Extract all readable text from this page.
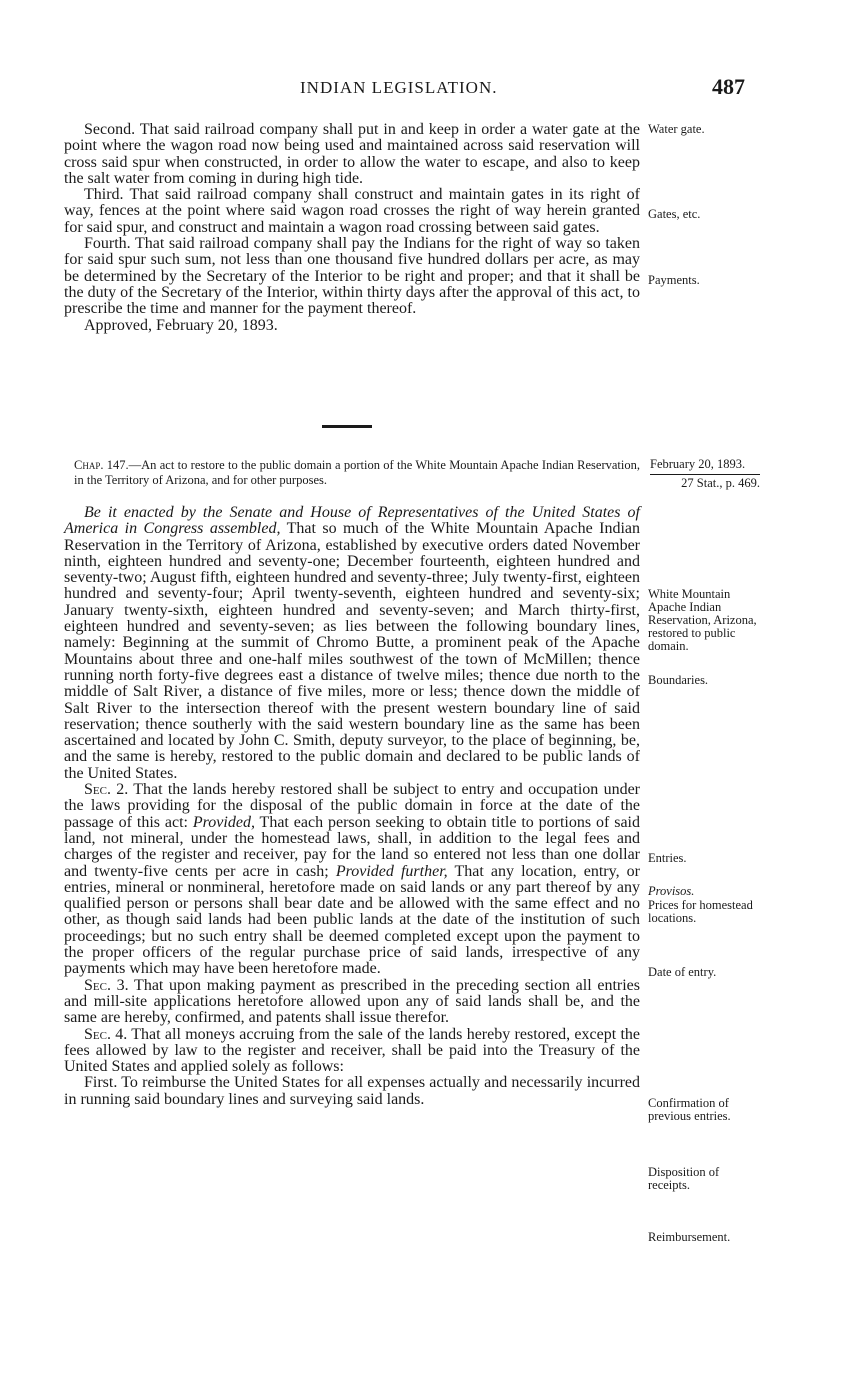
INDIAN LEGISLATION.	487

Second. That said railroad company shall put in and keep in order a water gate at the point where the wagon road now being used and maintained across said reservation will cross said spur when constructed, in order to allow the water to escape, and also to keep the salt water from coming in during high tide.

Third. That said railroad company shall construct and maintain gates in its right of way, fences at the point where said wagon road crosses the right of way herein granted for said spur, and construct and maintain a wagon road crossing between said gates.

Fourth. That said railroad company shall pay the Indians for the right of way so taken for said spur such sum, not less than one thousand five hundred dollars per acre, as may be determined by the Secretary of the Interior to be right and proper; and that it shall be the duty of the Secretary of the Interior, within thirty days after the approval of this act, to prescribe the time and manner for the payment thereof.

Approved, February 20, 1893.

Water gate.
Gates, etc.
Payments.
Chap. 147.—An act to restore to the public domain a portion of the White Mountain Apache Indian Reservation, in the Territory of Arizona, and for other purposes.
February 20, 1893.
27 Stat., p. 469.

Be it enacted by the Senate and House of Representatives of the United States of America in Congress assembled, That so much of the White Mountain Apache Indian Reservation in the Territory of Arizona, established by executive orders dated November ninth, eighteen hundred and seventy-one; December fourteenth, eighteen hundred and seventy-two; August fifth, eighteen hundred and seventy-three; July twenty-first, eighteen hundred and seventy-four; April twenty-seventh, eighteen hundred and seventy-six; January twenty-sixth, eighteen hundred and seventy-seven; and March thirty-first, eighteen hundred and seventy-seven; as lies between the following boundary lines, namely: Beginning at the summit of Chromo Butte, a prominent peak of the Apache Mountains about three and one-half miles southwest of the town of McMillen; thence running north forty-five degrees east a distance of twelve miles; thence due north to the middle of Salt River, a distance of five miles, more or less; thence down the middle of Salt River to the intersection thereof with the present western boundary line of said reservation; thence southerly with the said western boundary line as the same has been ascertained and located by John C. Smith, deputy surveyor, to the place of beginning, be, and the same is hereby, restored to the public domain and declared to be public lands of the United States.

Sec. 2. That the lands hereby restored shall be subject to entry and occupation under the laws providing for the disposal of the public domain in force at the date of the passage of this act: Provided, That each person seeking to obtain title to portions of said land, not mineral, under the homestead laws, shall, in addition to the legal fees and charges of the register and receiver, pay for the land so entered not less than one dollar and twenty-five cents per acre in cash; Provided further, That any location, entry, or entries, mineral or nonmineral, heretofore made on said lands or any part thereof by any qualified person or persons shall bear date and be allowed with the same effect and no other, as though said lands had been public lands at the date of the institution of such proceedings; but no such entry shall be deemed completed except upon the payment to the proper officers of the regular purchase price of said lands, irrespective of any payments which may have been heretofore made.

Sec. 3. That upon making payment as prescribed in the preceding section all entries and mill-site applications heretofore allowed upon any of said lands shall be, and the same are hereby, confirmed, and patents shall issue therefor.

Sec. 4. That all moneys accruing from the sale of the lands hereby restored, except the fees allowed by law to the register and receiver, shall be paid into the Treasury of the United States and applied solely as follows:

First. To reimburse the United States for all expenses actually and necessarily incurred in running said boundary lines and surveying said lands.

White Mountain Apache Indian Reservation, Arizona, restored to public domain.
Boundaries.
Entries.
Provisos.
Prices for homestead locations.
Date of entry.
Confirmation of previous entries.
Disposition of receipts.
Reimbursement.
